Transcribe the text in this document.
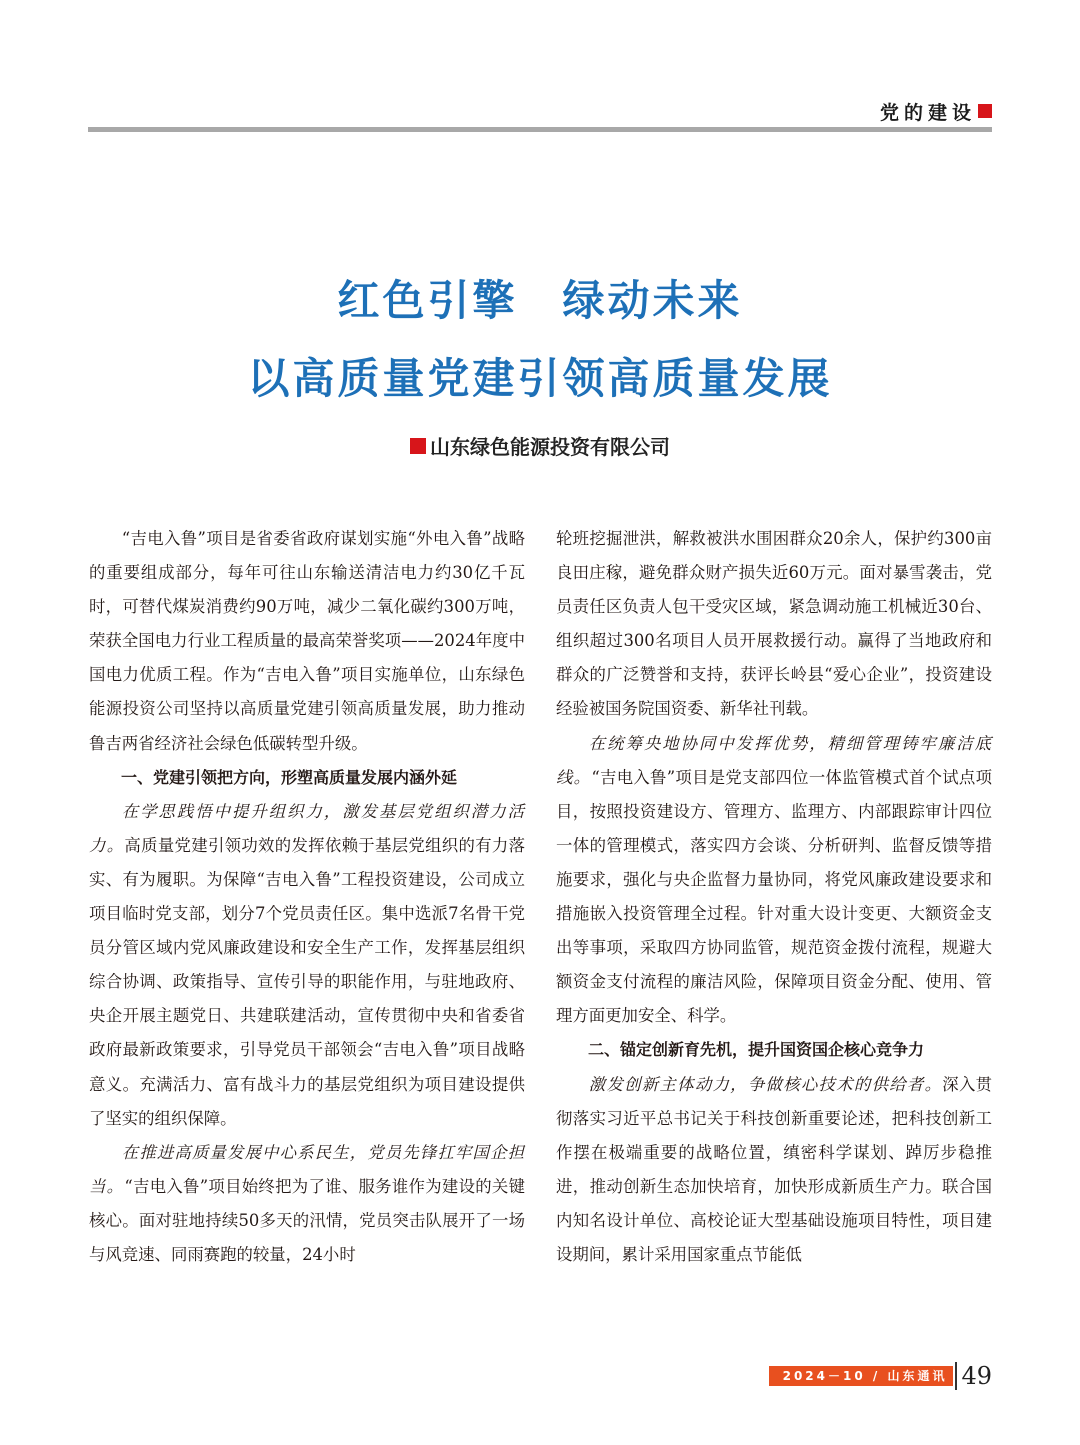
党的建设
红色引擎　绿动未来
以高质量党建引领高质量发展
山东绿色能源投资有限公司

“吉电入鲁”项目是省委省政府谋划实施“外电入鲁”战略的重要组成部分，每年可往山东输送清洁电力约30亿千瓦时，可替代煤炭消费约90万吨，减少二氧化碳约300万吨，荣获全国电力行业工程质量的最高荣誉奖项——2024年度中国电力优质工程。作为“吉电入鲁”项目实施单位，山东绿色能源投资公司坚持以高质量党建引领高质量发展，助力推动鲁吉两省经济社会绿色低碳转型升级。

一、党建引领把方向，形塑高质量发展内涵外延

在学思践悟中提升组织力，激发基层党组织潜力活力。高质量党建引领功效的发挥依赖于基层党组织的有力落实、有为履职。为保障“吉电入鲁”工程投资建设，公司成立项目临时党支部，划分7个党员责任区。集中选派7名骨干党员分管区域内党风廉政建设和安全生产工作，发挥基层组织综合协调、政策指导、宣传引导的职能作用，与驻地政府、央企开展主题党日、共建联建活动，宣传贯彻中央和省委省政府最新政策要求，引导党员干部领会“吉电入鲁”项目战略意义。充满活力、富有战斗力的基层党组织为项目建设提供了坚实的组织保障。

在推进高质量发展中心系民生，党员先锋扛牢国企担当。“吉电入鲁”项目始终把为了谁、服务谁作为建设的关键核心。面对驻地持续50多天的汛情，党员突击队展开了一场与风竞速、同雨赛跑的较量，24小时

轮班挖掘泄洪，解救被洪水围困群众20余人，保护约300亩良田庄稼，避免群众财产损失近60万元。面对暴雪袭击，党员责任区负责人包干受灾区域，紧急调动施工机械近30台、组织超过300名项目人员开展救援行动。赢得了当地政府和群众的广泛赞誉和支持，获评长岭县“爱心企业”，投资建设经验被国务院国资委、新华社刊载。

在统筹央地协同中发挥优势，精细管理铸牢廉洁底线。“吉电入鲁”项目是党支部四位一体监管模式首个试点项目，按照投资建设方、管理方、监理方、内部跟踪审计四位一体的管理模式，落实四方会谈、分析研判、监督反馈等措施要求，强化与央企监督力量协同，将党风廉政建设要求和措施嵌入投资管理全过程。针对重大设计变更、大额资金支出等事项，采取四方协同监管，规范资金拨付流程，规避大额资金支付流程的廉洁风险，保障项目资金分配、使用、管理方面更加安全、科学。

二、锚定创新育先机，提升国资国企核心竞争力

激发创新主体动力，争做核心技术的供给者。深入贯彻落实习近平总书记关于科技创新重要论述，把科技创新工作摆在极端重要的战略位置，缜密科学谋划、踔厉步稳推进，推动创新生态加快培育，加快形成新质生产力。联合国内知名设计单位、高校论证大型基础设施项目特性，项目建设期间，累计采用国家重点节能低

2024－10 / 山东通讯 49
